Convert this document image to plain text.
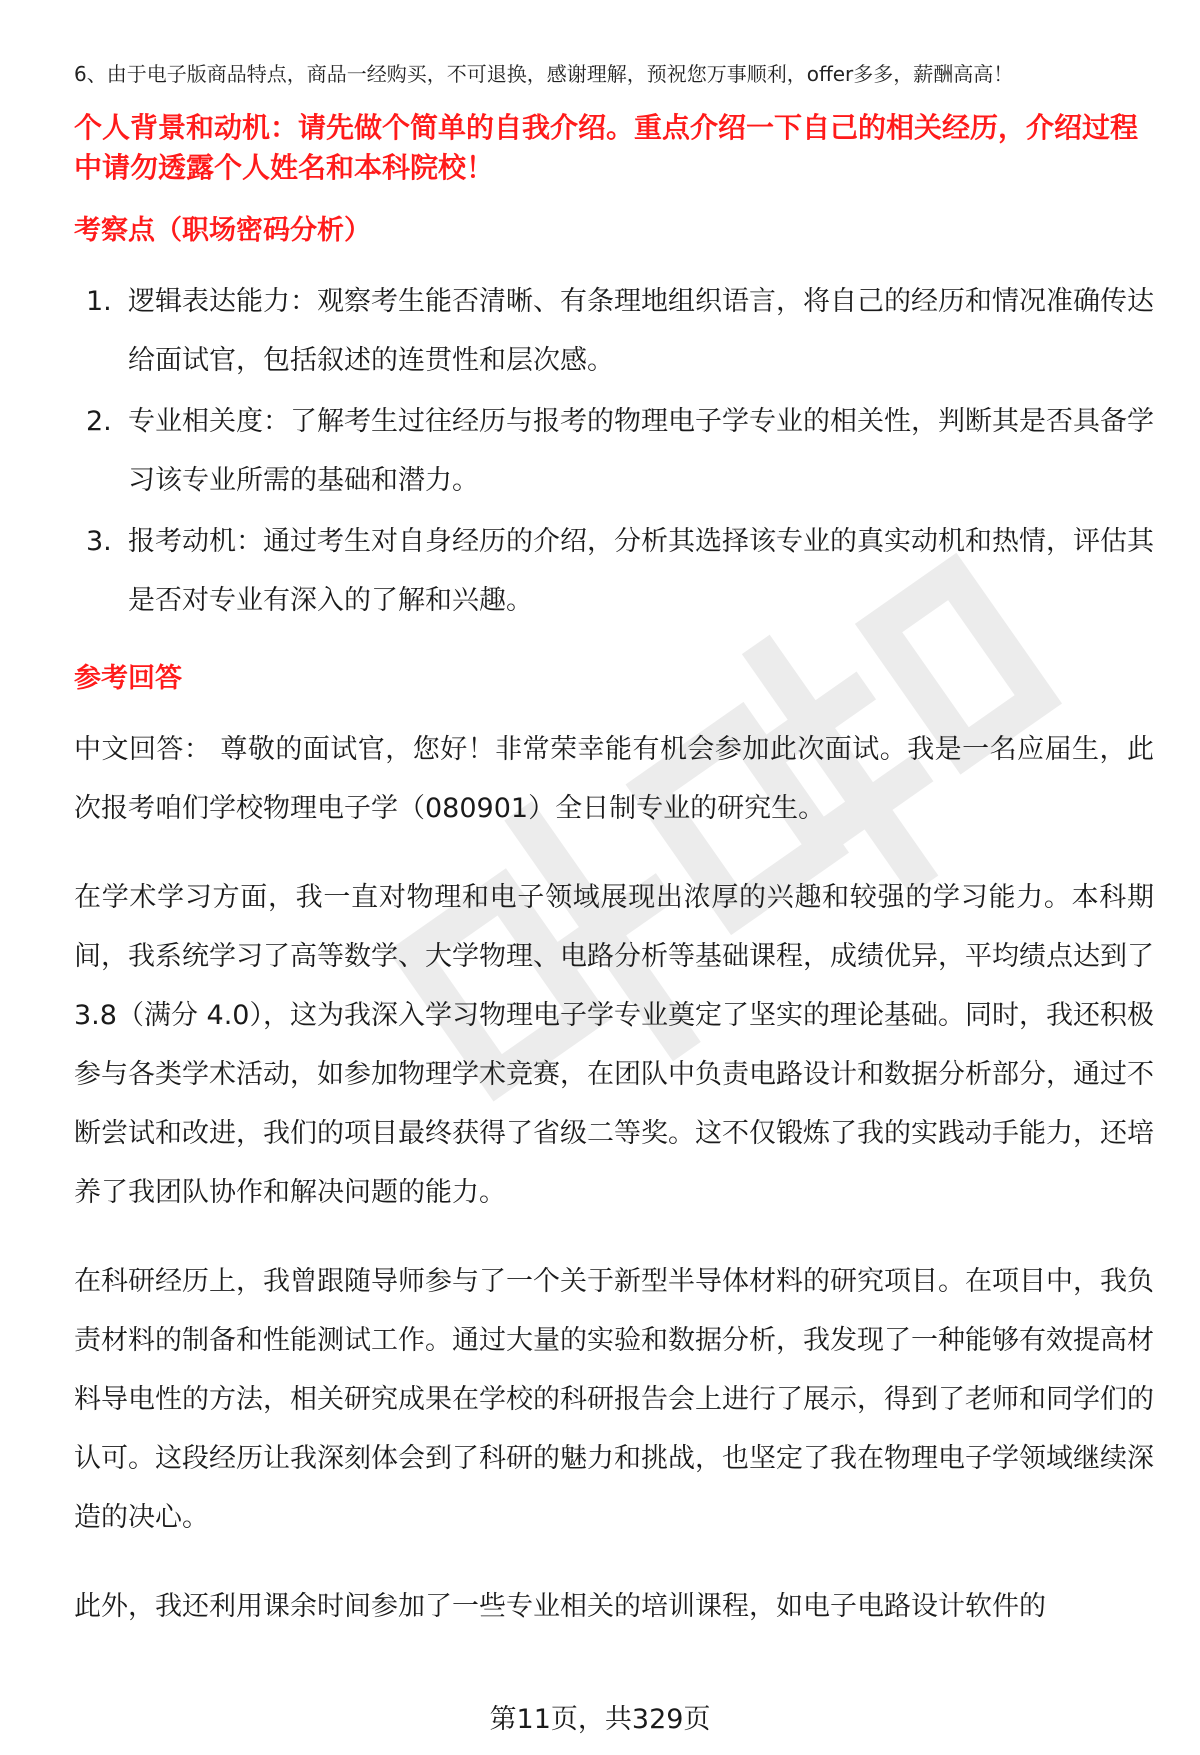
6、由于电子版商品特点，商品一经购买，不可退换，感谢理解，预祝您万事顺利，offer多多，薪酬高高！

个人背景和动机：请先做个简单的自我介绍。重点介绍一下自己的相关经历，介绍过程中请勿透露个人姓名和本科院校！

考察点（职场密码分析）
1. 逻辑表达能力：观察考生能否清晰、有条理地组织语言，将自己的经历和情况准确传达给面试官，包括叙述的连贯性和层次感。
2. 专业相关度：了解考生过往经历与报考的物理电子学专业的相关性，判断其是否具备学习该专业所需的基础和潜力。
3. 报考动机：通过考生对自身经历的介绍，分析其选择该专业的真实动机和热情，评估其是否对专业有深入的了解和兴趣。
参考回答

中文回答： 尊敬的面试官，您好！非常荣幸能有机会参加此次面试。我是一名应届生，此次报考咱们学校物理电子学（080901）全日制专业的研究生。

在学术学习方面，我一直对物理和电子领域展现出浓厚的兴趣和较强的学习能力。本科期间，我系统学习了高等数学、大学物理、电路分析等基础课程，成绩优异，平均绩点达到了 3.8（满分 4.0），这为我深入学习物理电子学专业奠定了坚实的理论基础。同时，我还积极参与各类学术活动，如参加物理学术竞赛，在团队中负责电路设计和数据分析部分，通过不断尝试和改进，我们的项目最终获得了省级二等奖。这不仅锻炼了我的实践动手能力，还培养了我团队协作和解决问题的能力。

在科研经历上，我曾跟随导师参与了一个关于新型半导体材料的研究项目。在项目中，我负责材料的制备和性能测试工作。通过大量的实验和数据分析，我发现了一种能够有效提高材料导电性的方法，相关研究成果在学校的科研报告会上进行了展示，得到了老师和同学们的认可。这段经历让我深刻体会到了科研的魅力和挑战，也坚定了我在物理电子学领域继续深造的决心。

此外，我还利用课余时间参加了一些专业相关的培训课程，如电子电路设计软件的

第11页，共329页
